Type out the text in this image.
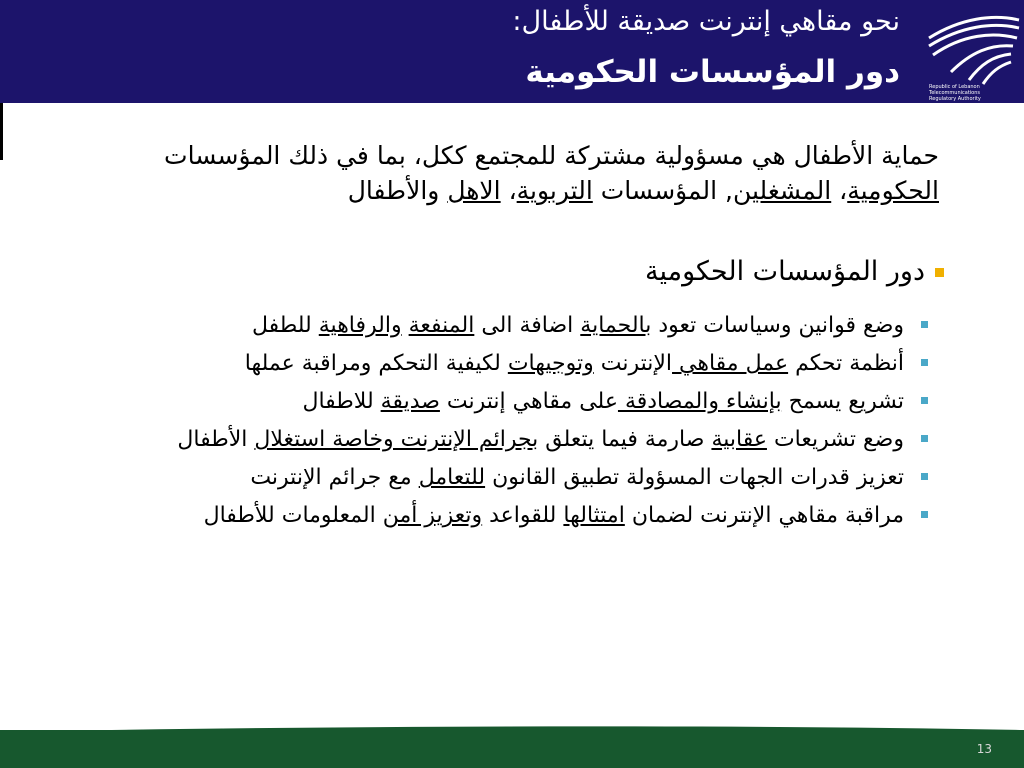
Republic of Lebanon
Telecommunications
Regulatory Authority
نحو مقاهي إنترنت صديقة للأطفال:
دور المؤسسات الحكومية
حماية الأطفال هي مسؤولية مشتركة للمجتمع ككل، بما في ذلك المؤسسات الحكومية، المشغلين, المؤسسات التربوية، الاهل والأطفال
دور المؤسسات الحكومية
وضع قوانين وسياسات تعود بالحماية اضافة الى المنفعة والرفاهية للطفل
أنظمة تحكم عمل مقاهي الإنترنت وتوجيهات لكيفية التحكم ومراقبة عملها
تشريع يسمح بإنشاء والمصادقة على مقاهي إنترنت صديقة للاطفال
وضع تشريعات عقابية صارمة فيما يتعلق بجرائم الإنترنت وخاصة استغلال الأطفال
تعزيز قدرات الجهات المسؤولة تطبيق القانون للتعامل مع جرائم الإنترنت
مراقبة مقاهي الإنترنت لضمان امتثالها للقواعد وتعزيز أمن المعلومات للأطفال
13
